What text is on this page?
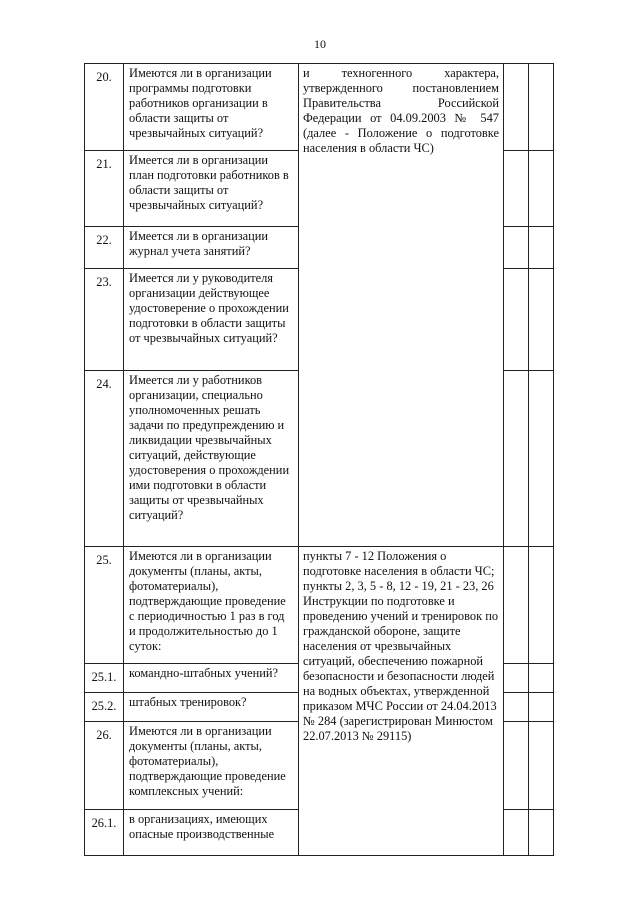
10
20.	Имеются ли в организации программы подготовки работников организации в области защиты от чрезвычайных ситуаций?	и техногенного характера, утвержденного постановлением Правительства Российской Федерации от 04.09.2003 № 547 (далее - Положение о подготовке населения в области ЧС)		

21.	Имеется ли в организации план подготовки работников в области защиты от чрезвычайных ситуаций?			

22.	Имеется ли в организации журнал учета занятий?			

23.	Имеется ли у руководителя организации действующее удостоверение о прохождении подготовки в области защиты от чрезвычайных ситуаций?			

24.	Имеется ли у работников организации, специально уполномоченных решать задачи по предупреждению и ликвидации чрезвычайных ситуаций, действующие удостоверения о прохождении ими подготовки в области защиты от чрезвычайных ситуаций?			

25.	Имеются ли в организации документы (планы, акты, фотоматериалы), подтверждающие проведение с периодичностью 1 раз в год и продолжительностью до 1 суток:	пункты 7 - 12 Положения о подготовке населения в области ЧС; пункты 2, 3, 5 - 8, 12 - 19, 21 - 23, 26 Инструкции по подготовке и проведению учений и тренировок по гражданской обороне, защите населения от чрезвычайных ситуаций, обеспечению пожарной безопасности и безопасности людей на водных объектах, утвержденной приказом МЧС России от 24.04.2013 № 284 (зарегистрирован Минюстом 22.07.2013 № 29115)		

25.1.	командно-штабных учений?			

25.2.	штабных тренировок?			

26.	Имеются ли в организации документы (планы, акты, фотоматериалы), подтверждающие проведение комплексных учений:			

26.1.	в организациях, имеющих опасные производственные			
